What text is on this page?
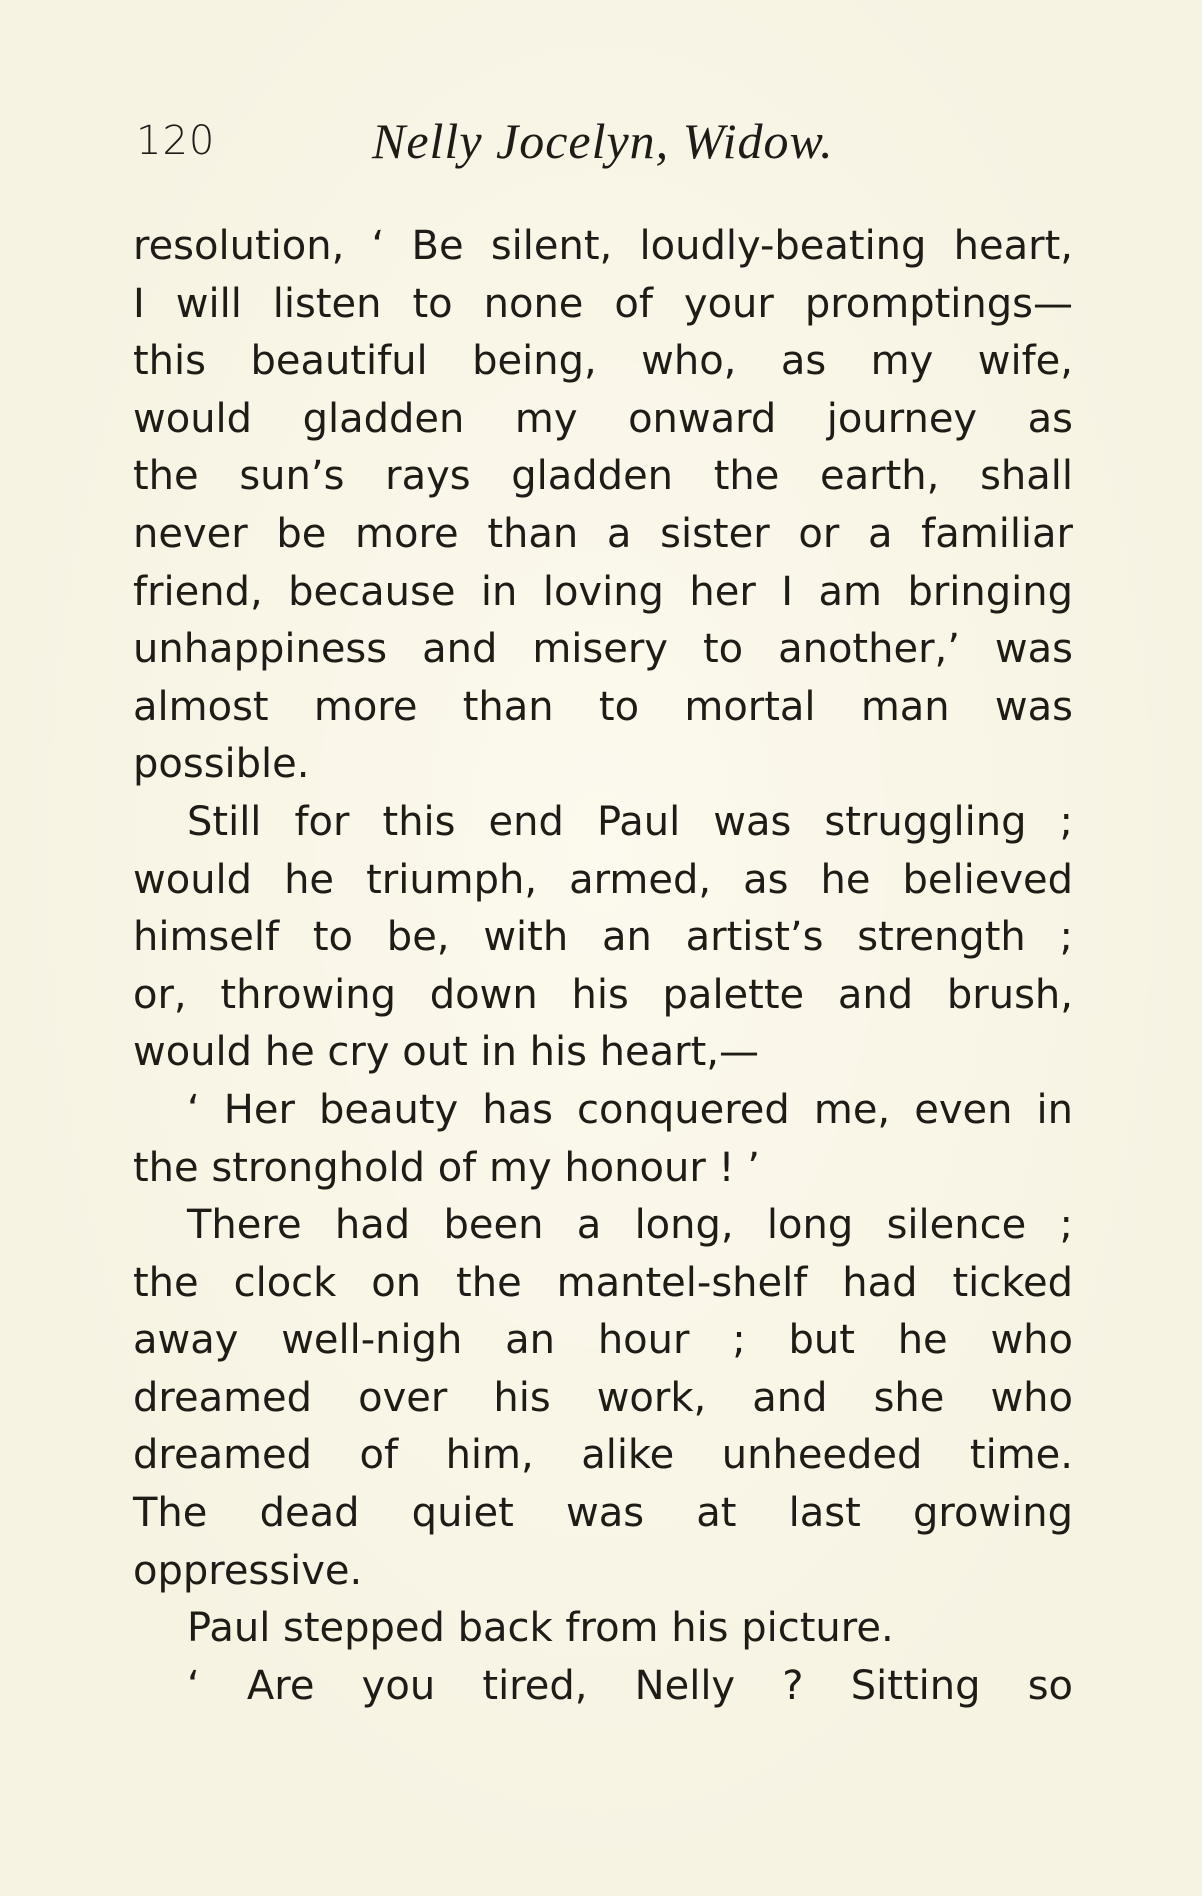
120	Nelly Jocelyn, Widow.
resolution, ‘ Be silent, loudly-beating heart,
I will listen to none of your promptings—
this beautiful being, who, as my wife,
would gladden my onward journey as
the sun’s rays gladden the earth, shall
never be more than a sister or a familiar
friend, because in loving her I am bringing
unhappiness and misery to another,’ was
almost more than to mortal man was
possible.
Still for this end Paul was struggling ;
would he triumph, armed, as he believed
himself to be, with an artist’s strength ;
or, throwing down his palette and brush,
would he cry out in his heart,—
‘ Her beauty has conquered me, even in
the stronghold of my honour ! ’
There had been a long, long silence ;
the clock on the mantel-shelf had ticked
away well-nigh an hour ; but he who
dreamed over his work, and she who
dreamed of him, alike unheeded time.
The dead quiet was at last growing
oppressive.
Paul stepped back from his picture.
‘ Are you tired, Nelly ? Sitting so
